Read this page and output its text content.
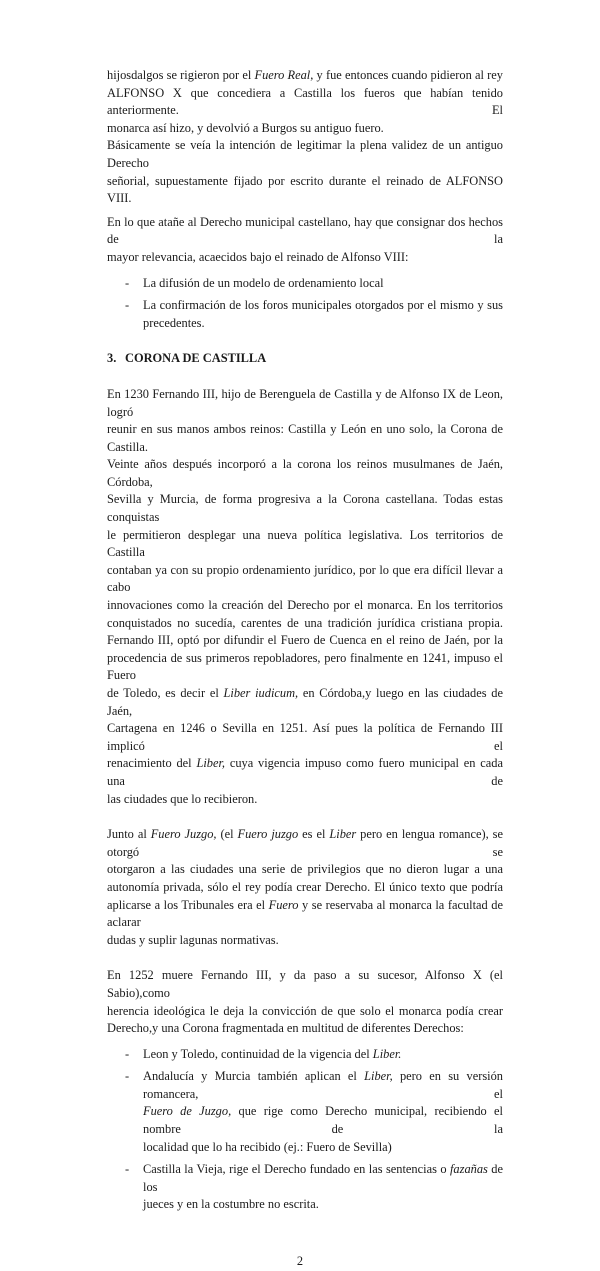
hijosdalgos se rigieron por el Fuero Real, y fue entonces cuando pidieron al rey
ALFONSO X que concediera a Castilla los fueros que habían tenido anteriormente. El
monarca así hizo, y devolvió a Burgos su antiguo fuero.
Básicamente se veía la intención de legitimar la plena validez de un antiguo Derecho
señorial, supuestamente fijado por escrito durante el reinado de ALFONSO VIII.
En lo que atañe al Derecho municipal castellano, hay que consignar dos hechos de la
mayor relevancia, acaecidos bajo el reinado de Alfonso VIII:
- La difusión de un modelo de ordenamiento local
- La confirmación de los foros municipales otorgados por el mismo y sus
precedentes.
3. CORONA DE CASTILLA
En 1230 Fernando III, hijo de Berenguela de Castilla y de Alfonso IX de Leon, logró
reunir en sus manos ambos reinos: Castilla y León en uno solo, la Corona de Castilla.
Veinte años después incorporó a la corona los reinos musulmanes de Jaén, Córdoba,
Sevilla y Murcia, de forma progresiva a la Corona castellana. Todas estas conquistas
le permitieron desplegar una nueva política legislativa. Los territorios de Castilla
contaban ya con su propio ordenamiento jurídico, por lo que era difícil llevar a cabo
innovaciones como la creación del Derecho por el monarca. En los territorios
conquistados no sucedía, carentes de una tradición jurídica cristiana propia.
Fernando III, optó por difundir el Fuero de Cuenca en el reino de Jaén, por la
procedencia de sus primeros repobladores, pero finalmente en 1241, impuso el Fuero
de Toledo, es decir el Liber iudicum, en Córdoba,y luego en las ciudades de Jaén,
Cartagena en 1246 o Sevilla en 1251. Así pues la política de Fernando III implicó el
renacimiento del Liber, cuya vigencia impuso como fuero municipal en cada una de
las ciudades que lo recibieron.
Junto al Fuero Juzgo, (el Fuero juzgo es el Liber pero en lengua romance), se otorgó se
otorgaron a las ciudades una serie de privilegios que no dieron lugar a una
autonomía privada, sólo el rey podía crear Derecho. El único texto que podría
aplicarse a los Tribunales era el Fuero y se reservaba al monarca la facultad de aclarar
dudas y suplir lagunas normativas.
En 1252 muere Fernando III, y da paso a su sucesor, Alfonso X (el Sabio),como
herencia ideológica le deja la convicción de que solo el monarca podía crear
Derecho,y una Corona fragmentada en multitud de diferentes Derechos:
- Leon y Toledo, continuidad de la vigencia del Liber.
- Andalucía y Murcia también aplican el Liber, pero en su versión romancera, el
Fuero de Juzgo, que rige como Derecho municipal, recibiendo el nombre de la
localidad que lo ha recibido (ej.: Fuero de Sevilla)
- Castilla la Vieja, rige el Derecho fundado en las sentencias o fazañas de los
jueces y en la costumbre no escrita.
2
